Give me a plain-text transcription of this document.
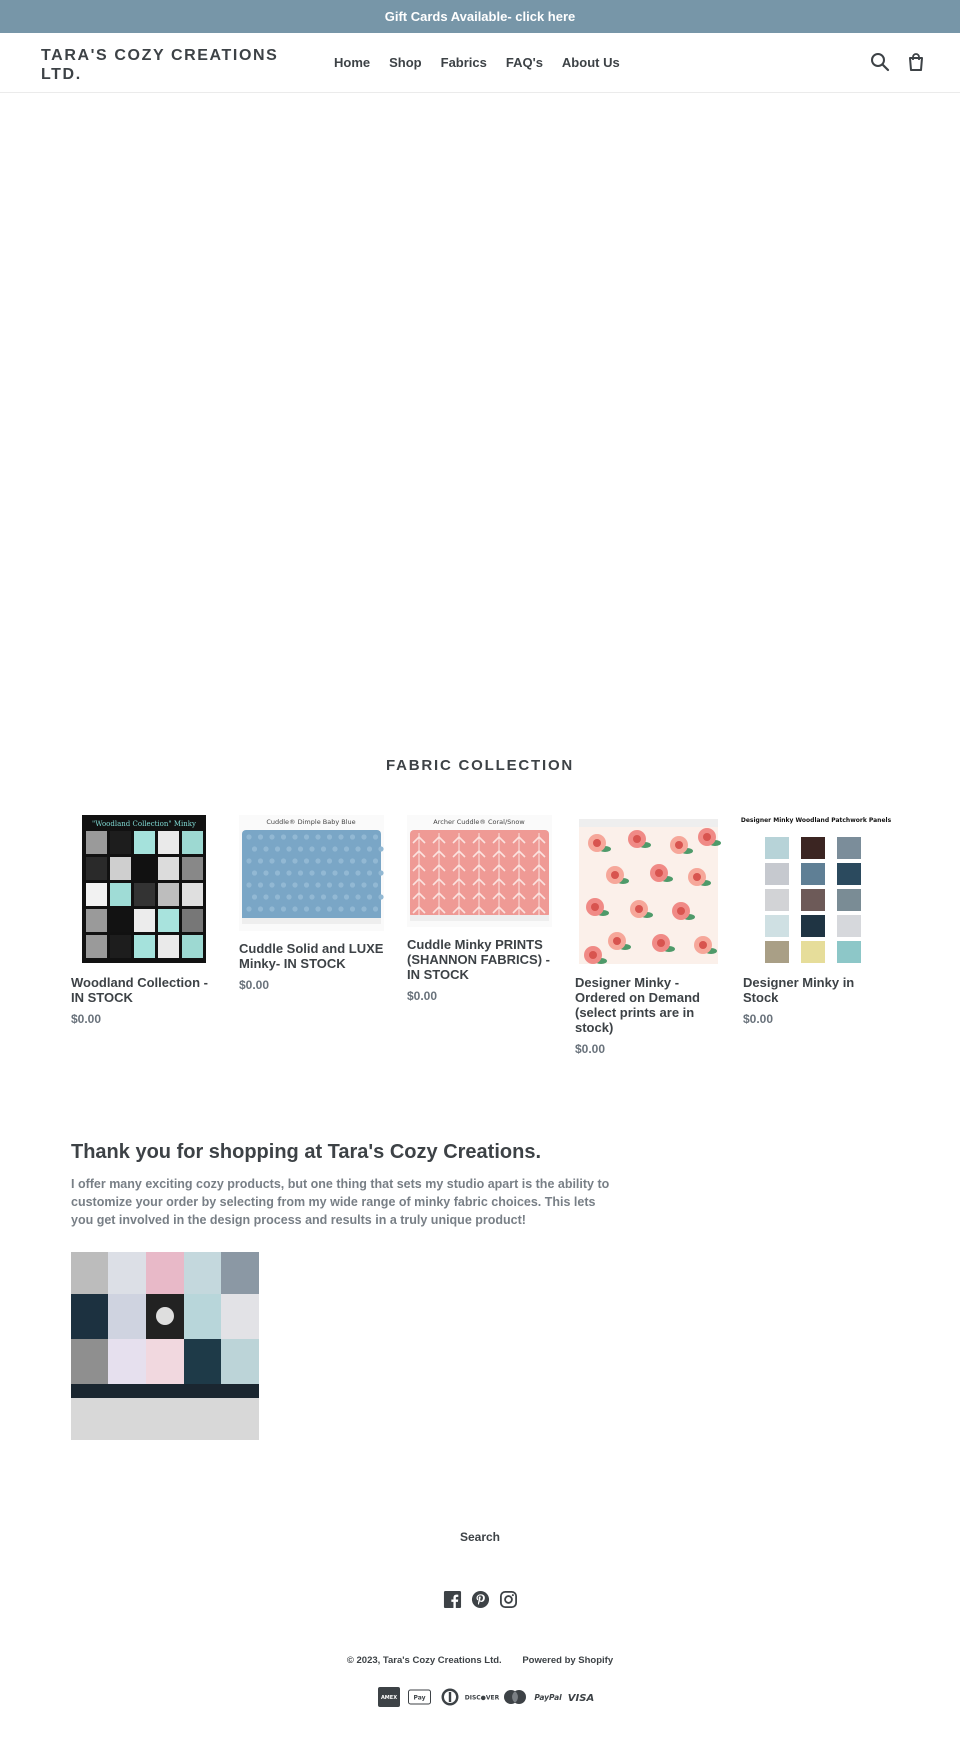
Gift Cards Available- click here
TARA'S COZY CREATIONS LTD.
Home Shop Fabrics FAQ's About Us
FABRIC COLLECTION
"Woodland Collection" Minky
Woodland Collection - IN STOCK
$0.00
Cuddle® Dimple Baby Blue
Cuddle Solid and LUXE Minky- IN STOCK
$0.00
Archer Cuddle® Coral/Snow
Cuddle Minky PRINTS (SHANNON FABRICS) - IN STOCK
$0.00
Designer Minky - Ordered on Demand (select prints are in stock)
$0.00
Designer Minky Woodland Patchwork Panels
Designer Minky in Stock
$0.00
Thank you for shopping at Tara's Cozy Creations.
I offer many exciting cozy products, but one thing that sets my studio apart is the ability to customize your order by selecting from my wide range of minky fabric choices. This lets you get involved in the design process and results in a truly unique product!
Search
© 2023, Tara's Cozy Creations Ltd. Powered by Shopify
AMEX	Pay	DISC●VER	PayPal VISA
